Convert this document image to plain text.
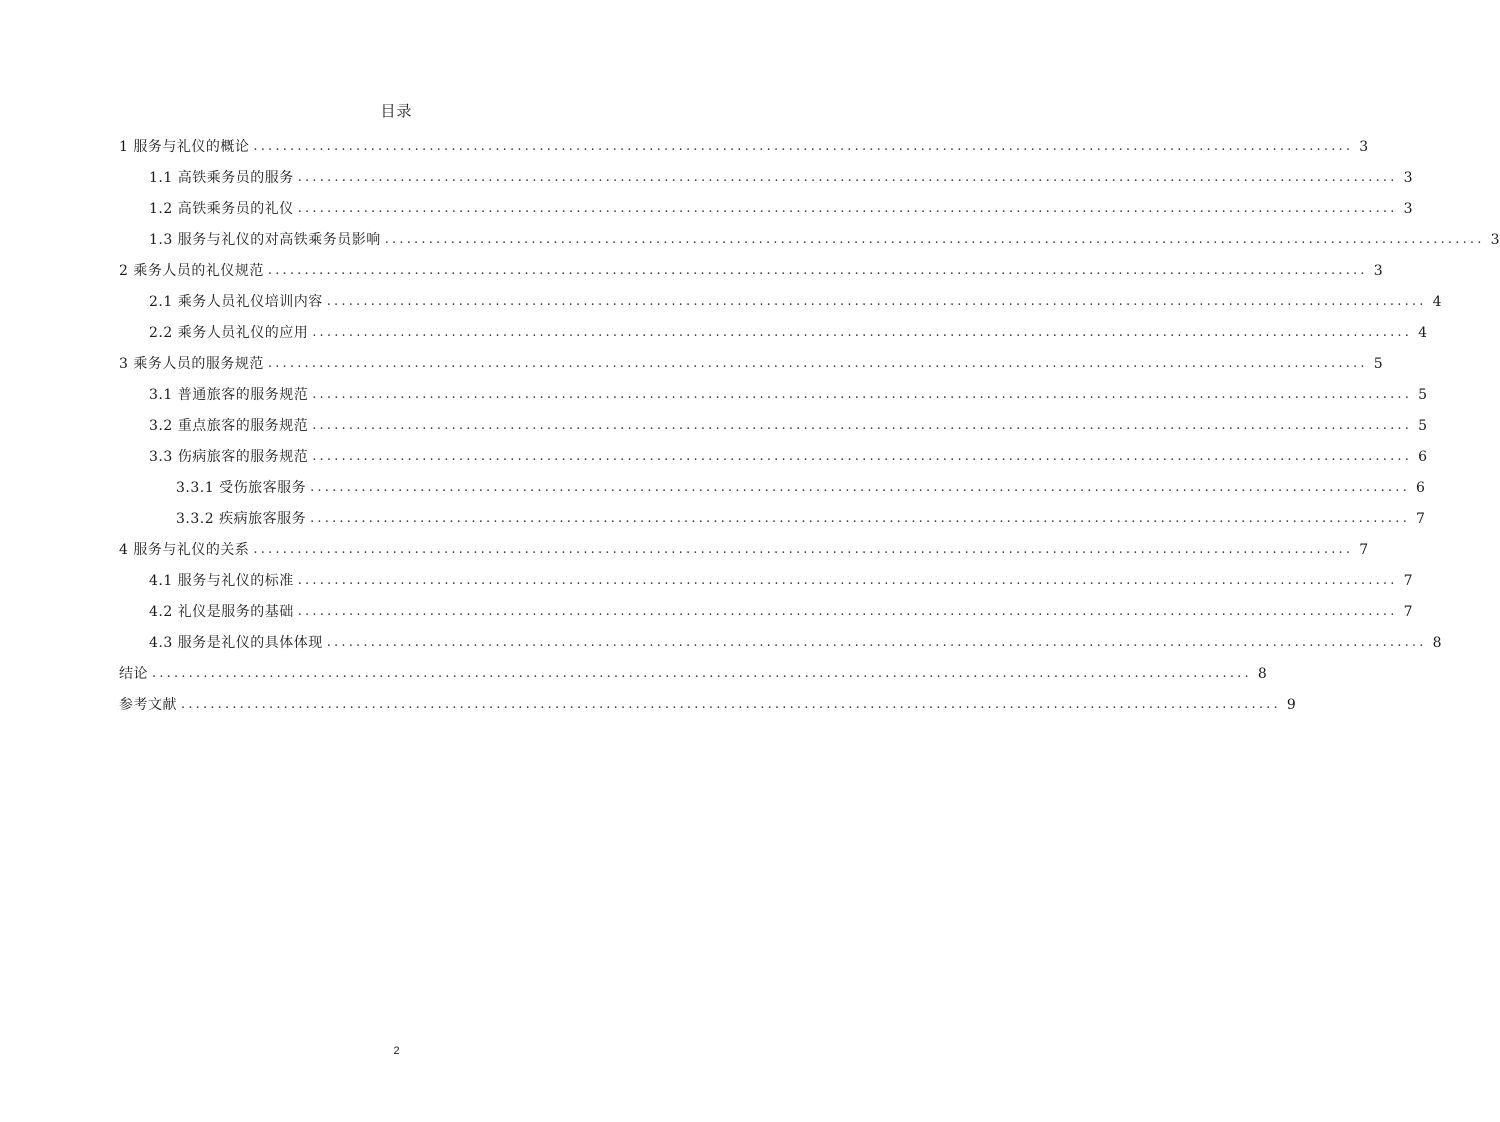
目录
1 服务与礼仪的概论 ...................................................................................................................................................... 3
1.1 高铁乘务员的服务 ...................................................................................................................................................... 3
1.2 高铁乘务员的礼仪 ...................................................................................................................................................... 3
1.3 服务与礼仪的对高铁乘务员影响 ...................................................................................................................................................... 3
2 乘务人员的礼仪规范 ...................................................................................................................................................... 3
2.1 乘务人员礼仪培训内容 ...................................................................................................................................................... 4
2.2 乘务人员礼仪的应用 ...................................................................................................................................................... 4
3 乘务人员的服务规范 ...................................................................................................................................................... 5
3.1 普通旅客的服务规范 ...................................................................................................................................................... 5
3.2 重点旅客的服务规范 ...................................................................................................................................................... 5
3.3 伤病旅客的服务规范 ...................................................................................................................................................... 6
3.3.1 受伤旅客服务 ...................................................................................................................................................... 6
3.3.2 疾病旅客服务 ...................................................................................................................................................... 7
4 服务与礼仪的关系 ...................................................................................................................................................... 7
4.1 服务与礼仪的标准 ...................................................................................................................................................... 7
4.2 礼仪是服务的基础 ...................................................................................................................................................... 7
4.3 服务是礼仪的具体体现 ...................................................................................................................................................... 8
结论 ...................................................................................................................................................... 8
参考文献 ...................................................................................................................................................... 9
2
